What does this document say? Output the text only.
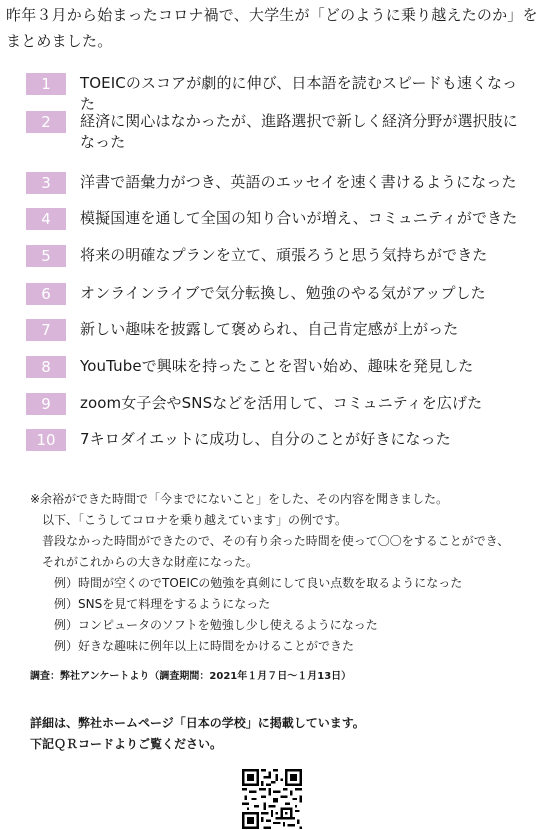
昨年３月から始まったコロナ禍で、大学生が「どのように乗り越えたのか」を
まとめました。
1	TOEICのスコアが劇的に伸び、日本語を読むスピードも速くなった
2	経済に関心はなかったが、進路選択で新しく経済分野が選択肢に
なった
3	洋書で語彙力がつき、英語のエッセイを速く書けるようになった
4	模擬国連を通して全国の知り合いが増え、コミュニティができた
5	将来の明確なプランを立て、頑張ろうと思う気持ちができた
6	オンラインライブで気分転換し、勉強のやる気がアップした
7	新しい趣味を披露して褒められ、自己肯定感が上がった
8	YouTubeで興味を持ったことを習い始め、趣味を発見した
9	zoom女子会やSNSなどを活用して、コミュニティを広げた
10	7キロダイエットに成功し、自分のことが好きになった
※余裕ができた時間で「今までにないこと」をした、その内容を聞きました。
　以下、「こうしてコロナを乗り越えています」の例です。
　普段なかった時間ができたので、その有り余った時間を使って〇〇をすることができ、
　それがこれからの大きな財産になった。
　　例）時間が空くのでTOEICの勉強を真剣にして良い点数を取るようになった
　　例）SNSを見て料理をするようになった
　　例）コンピュータのソフトを勉強し少し使えるようになった
　　例）好きな趣味に例年以上に時間をかけることができた
調査：弊社アンケートより（調査期間：2021年１月７日～１月13日）
詳細は、弊社ホームページ「日本の学校」に掲載しています。
下記ＱＲコードよりご覧ください。
